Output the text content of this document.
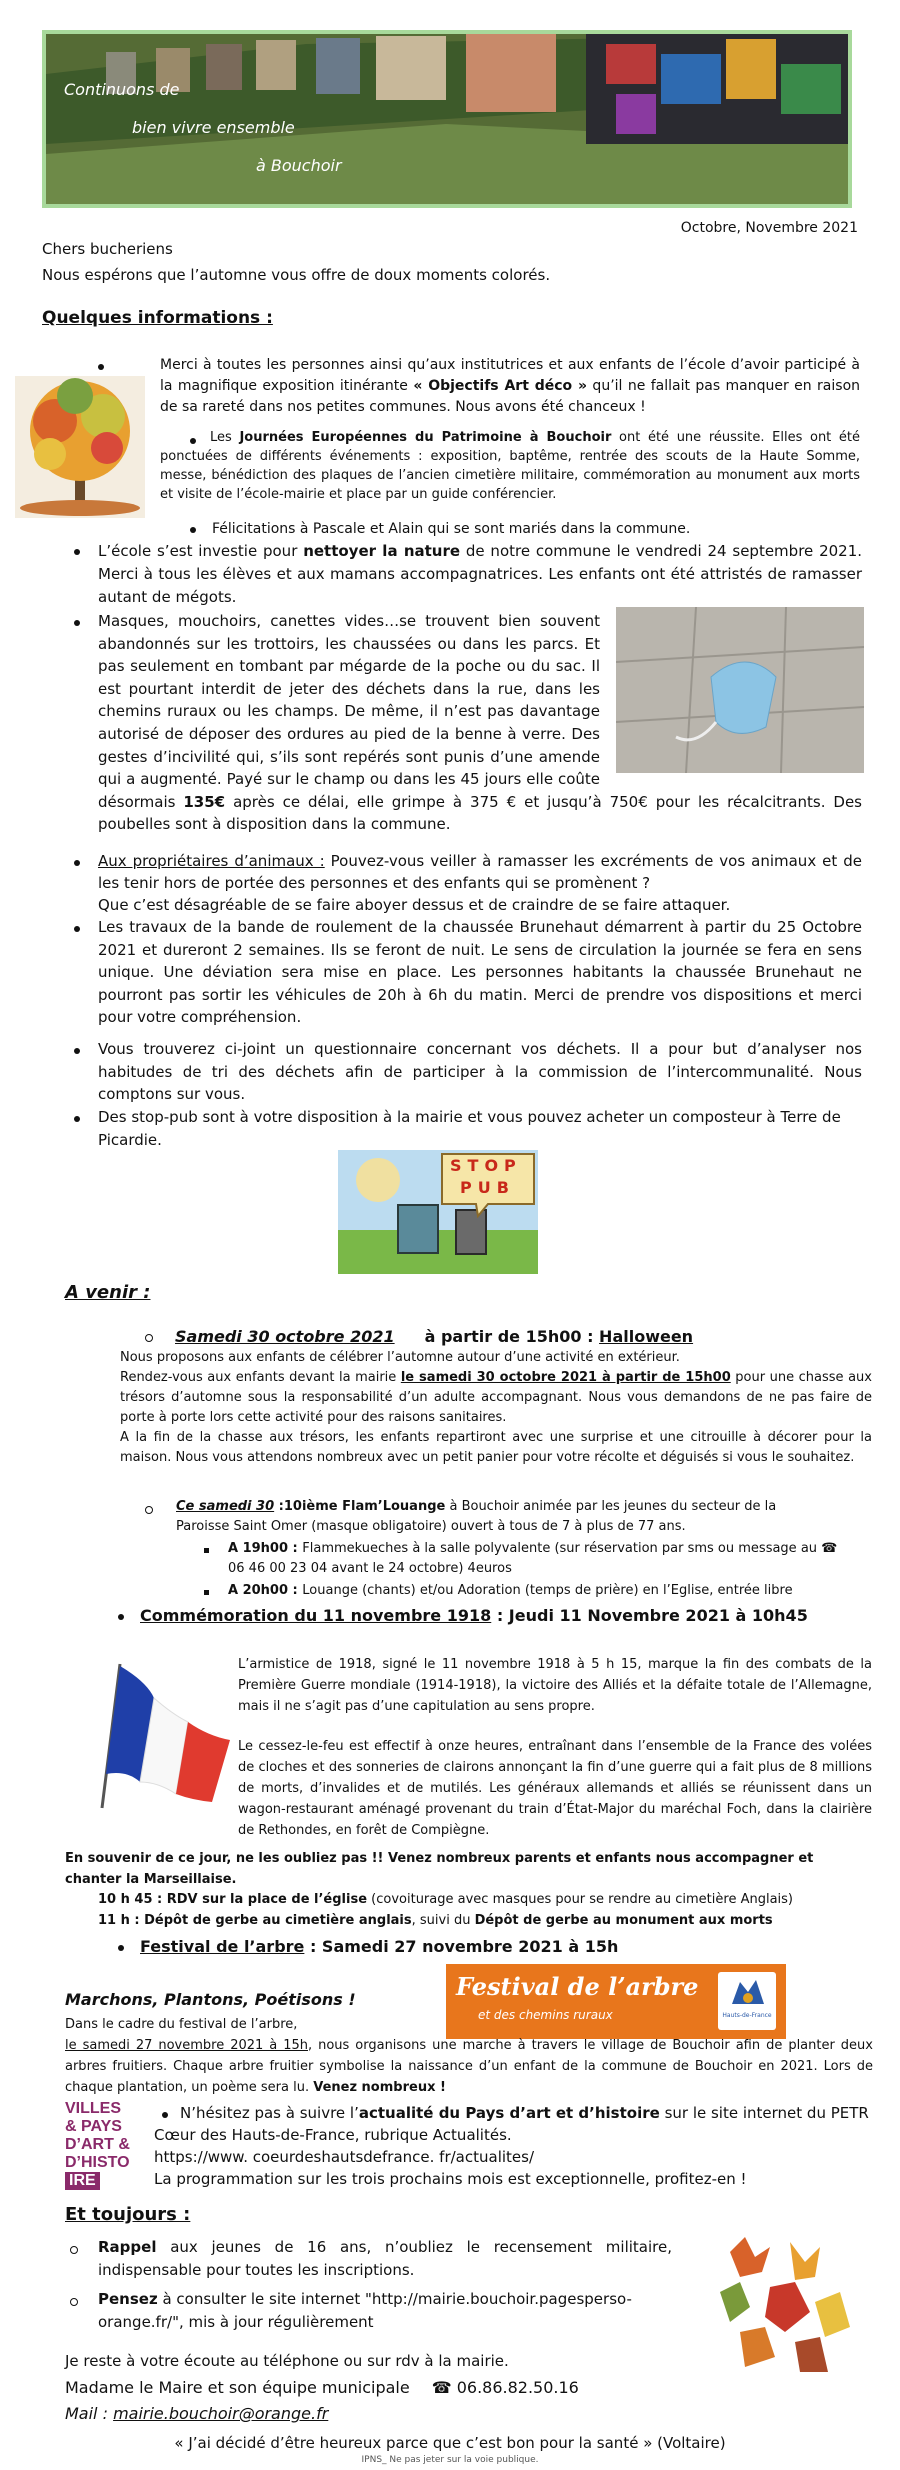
Continuons de
bien vivre ensemble
à Bouchoir
Octobre, Novembre 2021
Chers bucheriens
Nous espérons que l’automne vous offre de doux moments colorés.
Quelques informations :
Merci à toutes les personnes ainsi qu’aux institutrices et aux enfants de l’école d’avoir participé à la magnifique exposition itinérante « Objectifs Art déco » qu’il ne fallait pas manquer en raison de sa rareté dans nos petites communes. Nous avons été chanceux !
Les Journées Européennes du Patrimoine à Bouchoir ont été une réussite. Elles ont été ponctuées de différents événements : exposition, baptême, rentrée des scouts de la Haute Somme, messe, bénédiction des plaques de l’ancien cimetière militaire, commémoration au monument aux morts et visite de l’école-mairie et place par un guide conférencier.
Félicitations à Pascale et Alain qui se sont mariés dans la commune.
L’école s’est investie pour nettoyer la nature de notre commune le vendredi 24 septembre 2021. Merci à tous les élèves et aux mamans accompagnatrices. Les enfants ont été attristés de ramasser autant de mégots.
Masques, mouchoirs, canettes vides…se trouvent bien souvent abandonnés sur les trottoirs, les chaussées ou dans les parcs. Et pas seulement en tombant par mégarde de la poche ou du sac. Il est pourtant interdit de jeter des déchets dans la rue, dans les chemins ruraux ou les champs. De même, il n’est pas davantage autorisé de déposer des ordures au pied de la benne à verre. Des gestes d’incivilité qui, s’ils sont repérés sont punis d’une amende qui a augmenté. Payé sur le champ ou dans les 45 jours elle coûte désormais 135€ après ce délai, elle grimpe à 375 € et jusqu’à 750€ pour les récalcitrants. Des poubelles sont à disposition dans la commune.
Aux propriétaires d’animaux : Pouvez-vous veiller à ramasser les excréments de vos animaux et de les tenir hors de portée des personnes et des enfants qui se promènent ?
Que c’est désagréable de se faire aboyer dessus et de craindre de se faire attaquer.
Les travaux de la bande de roulement de la chaussée Brunehaut démarrent à partir du 25 Octobre 2021 et dureront 2 semaines. Ils se feront de nuit. Le sens de circulation la journée se fera en sens unique. Une déviation sera mise en place. Les personnes habitants la chaussée Brunehaut ne pourront pas sortir les véhicules de 20h à 6h du matin. Merci de prendre vos dispositions et merci pour votre compréhension.
Vous trouverez ci-joint un questionnaire concernant vos déchets. Il a pour but d’analyser nos habitudes de tri des déchets afin de participer à la commission de l’intercommunalité. Nous comptons sur vous.
Des stop-pub sont à votre disposition à la mairie et vous pouvez acheter un composteur à Terre de Picardie.
STOP
PUB
A venir :
Samedi 30 octobre 2021 à partir de 15h00 : Halloween

Nous proposons aux enfants de célébrer l’automne autour d’une activité en extérieur.

Rendez-vous aux enfants devant la mairie le samedi 30 octobre 2021 à partir de 15h00 pour une chasse aux trésors d’automne sous la responsabilité d’un adulte accompagnant. Nous vous demandons de ne pas faire de porte à porte lors cette activité pour des raisons sanitaires.

A la fin de la chasse aux trésors, les enfants repartiront avec une surprise et une citrouille à décorer pour la maison. Nous vous attendons nombreux avec un petit panier pour votre récolte et déguisés si vous le souhaitez.

Ce samedi 30 :10ième Flam’Louange à Bouchoir animée par les jeunes du secteur de la Paroisse Saint Omer (masque obligatoire) ouvert à tous de 7 à plus de 77 ans.
A 19h00 : Flammekueches à la salle polyvalente (sur réservation par sms ou message au ☎ 06 46 00 23 04 avant le 24 octobre) 4euros
A 20h00 : Louange (chants) et/ou Adoration (temps de prière) en l’Eglise, entrée libre
Commémoration du 11 novembre 1918 : Jeudi 11 Novembre 2021 à 10h45
L’armistice de 1918, signé le 11 novembre 1918 à 5 h 15, marque la fin des combats de la Première Guerre mondiale (1914-1918), la victoire des Alliés et la défaite totale de l’Allemagne, mais il ne s’agit pas d’une capitulation au sens propre.
Le cessez-le-feu est effectif à onze heures, entraînant dans l’ensemble de la France des volées de cloches et des sonneries de clairons annonçant la fin d’une guerre qui a fait plus de 8 millions de morts, d’invalides et de mutilés. Les généraux allemands et alliés se réunissent dans un wagon-restaurant aménagé provenant du train d’État-Major du maréchal Foch, dans la clairière de Rethondes, en forêt de Compiègne.
En souvenir de ce jour, ne les oubliez pas !! Venez nombreux parents et enfants nous accompagner et chanter la Marseillaise.
10 h 45 : RDV sur la place de l’église (covoiturage avec masques pour se rendre au cimetière Anglais)
11 h : Dépôt de gerbe au cimetière anglais, suivi du Dépôt de gerbe au monument aux morts
Festival de l’arbre : Samedi 27 novembre 2021 à 15h
Festival de l’arbre
et des chemins ruraux	Hauts-de-France
Marchons, Plantons, Poétisons !

Dans le cadre du festival de l’arbre,

le samedi 27 novembre 2021 à 15h, nous organisons une marche à travers le village de Bouchoir afin de planter deux arbres fruitiers. Chaque arbre fruitier symbolise la naissance d’un enfant de la commune de Bouchoir en 2021. Lors de chaque plantation, un poème sera lu. Venez nombreux !

VILLES
& PAYS
D’ART &
D’HISTO
IRE

N’hésitez pas à suivre l’actualité du Pays d’art et d’histoire sur le site internet du PETR Cœur des Hauts-de-France, rubrique Actualités.

https://www. coeurdeshautsdefrance. fr/actualites/

La programmation sur les trois prochains mois est exceptionnelle, profitez-en !

Et toujours :
Rappel aux jeunes de 16 ans, n’oubliez le recensement militaire, indispensable pour toutes les inscriptions.
Pensez à consulter le site internet "http://mairie.bouchoir.pagesperso-orange.fr/", mis à jour régulièrement
Je reste à votre écoute au téléphone ou sur rdv à la mairie.
Madame le Maire et son équipe municipale ☎ 06.86.82.50.16
Mail : mairie.bouchoir@orange.fr
« J’ai décidé d’être heureux parce que c’est bon pour la santé » (Voltaire)
IPNS_ Ne pas jeter sur la voie publique.
